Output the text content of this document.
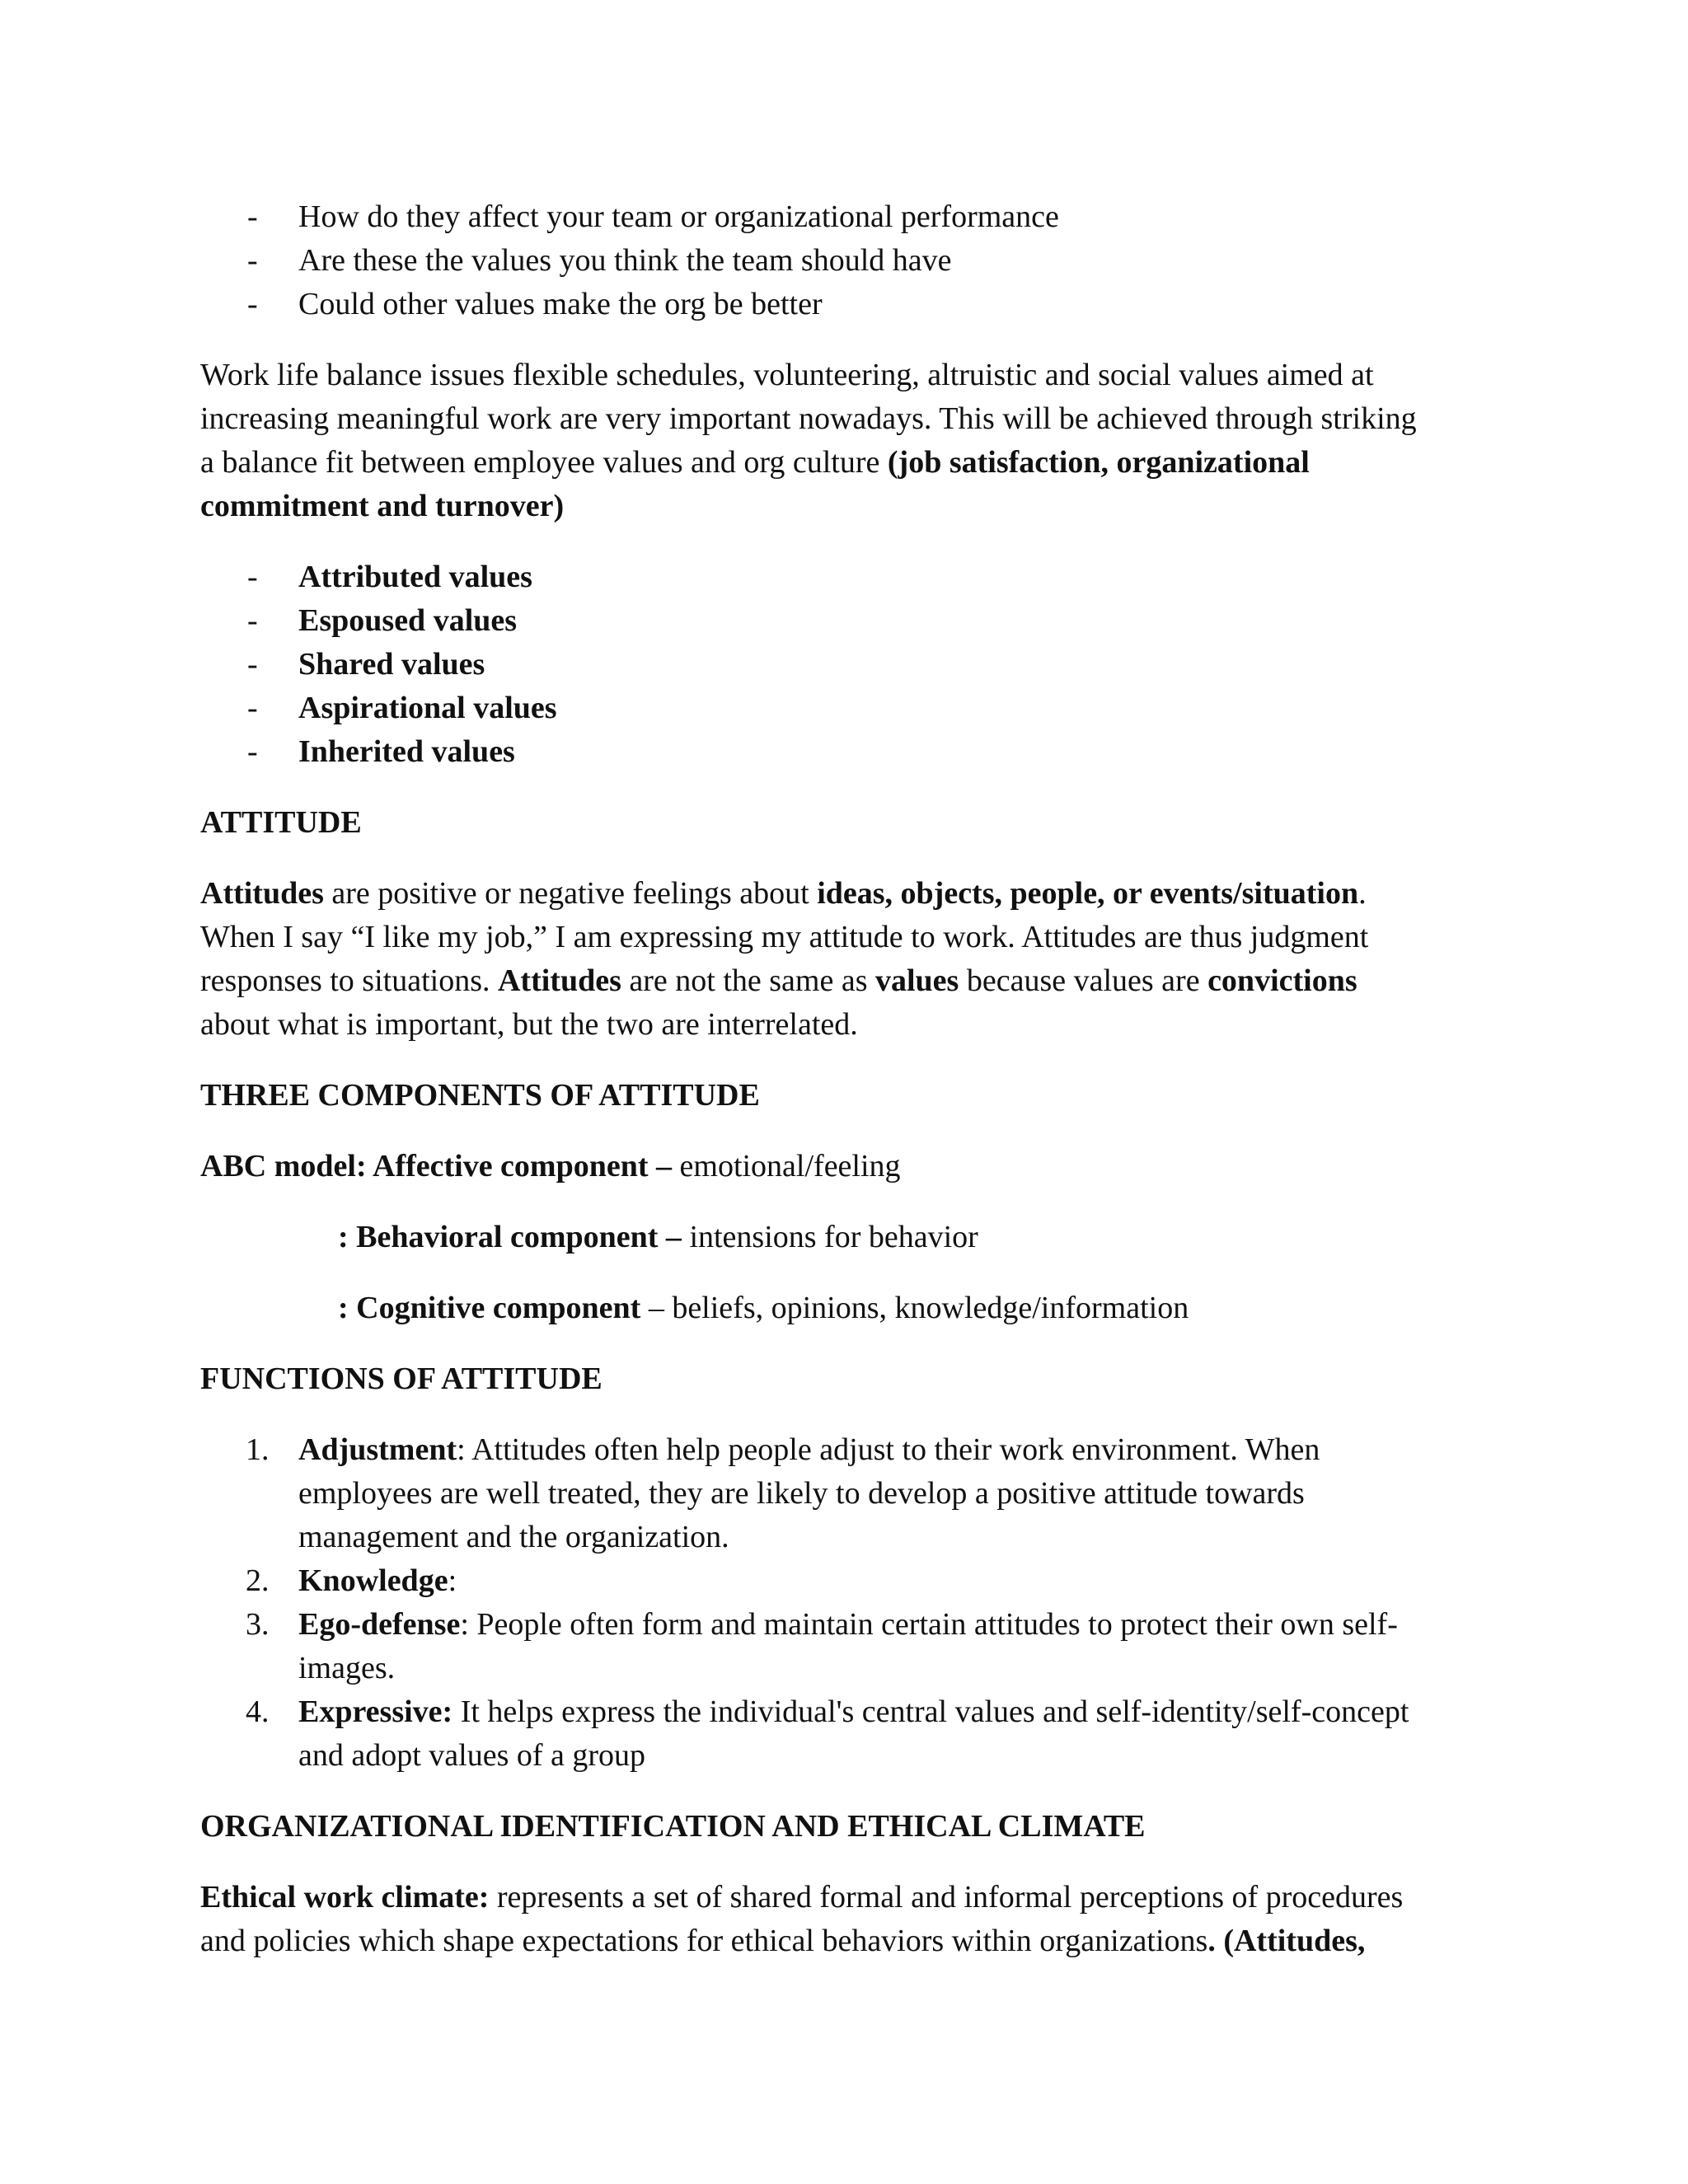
- How do they affect your team or organizational performance
- Are these the values you think the team should have
- Could other values make the org be better
Work life balance issues flexible schedules, volunteering, altruistic and social values aimed at
increasing meaningful work are very important nowadays. This will be achieved through striking
a balance fit between employee values and org culture (job satisfaction, organizational
commitment and turnover)
- Attributed values
- Espoused values
- Shared values
- Aspirational values
- Inherited values
ATTITUDE
Attitudes are positive or negative feelings about ideas, objects, people, or events/situation.
When I say “I like my job,” I am expressing my attitude to work. Attitudes are thus judgment
responses to situations. Attitudes are not the same as values because values are convictions
about what is important, but the two are interrelated.
THREE COMPONENTS OF ATTITUDE
ABC model: Affective component – emotional/feeling
: Behavioral component – intensions for behavior
: Cognitive component – beliefs, opinions, knowledge/information
FUNCTIONS OF ATTITUDE
1. Adjustment: Attitudes often help people adjust to their work environment. When
employees are well treated, they are likely to develop a positive attitude towards
management and the organization.
2. Knowledge:
3. Ego-defense: People often form and maintain certain attitudes to protect their own self-
images.
4. Expressive: It helps express the individual's central values and self-identity/self-concept
and adopt values of a group
ORGANIZATIONAL IDENTIFICATION AND ETHICAL CLIMATE
Ethical work climate: represents a set of shared formal and informal perceptions of procedures
and policies which shape expectations for ethical behaviors within organizations. (Attitudes,
